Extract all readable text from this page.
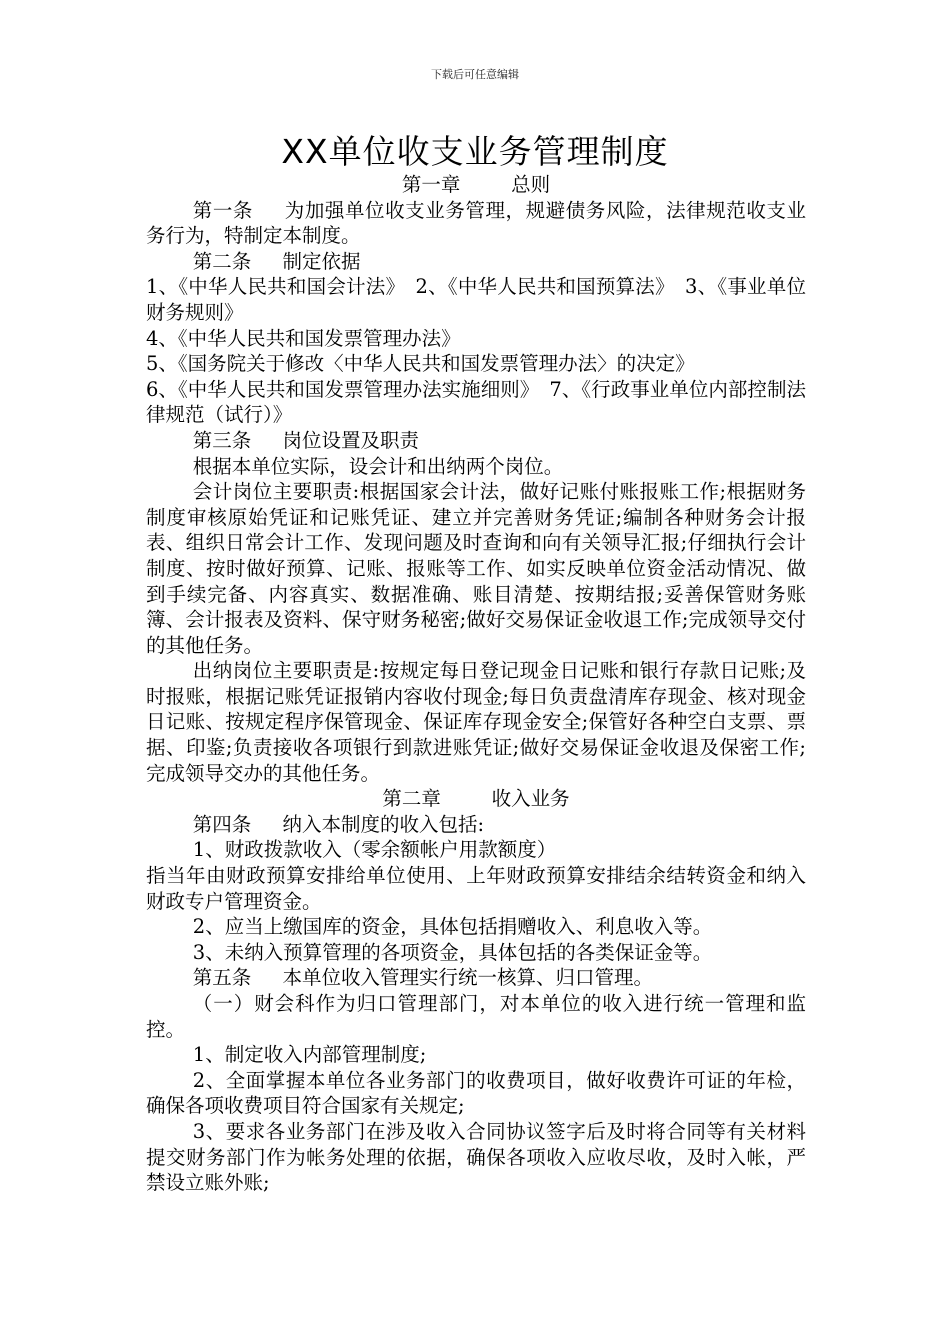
下载后可任意编辑
XX单位收支业务管理制度

第一章	总则

第一条 为加强单位收支业务管理，规避债务风险，法律规范收支业务行为，特制定本制度。

第二条 制定依据

1、《中华人民共和国会计法》 2、《中华人民共和国预算法》 3、《事业单位财务规则》

4、《中华人民共和国发票管理办法》

5、《国务院关于修改〈中华人民共和国发票管理办法〉的决定》

6、《中华人民共和国发票管理办法实施细则》 7、《行政事业单位内部控制法律规范（试行）》

第三条 岗位设置及职责

根据本单位实际，设会计和出纳两个岗位。

会计岗位主要职责:根据国家会计法，做好记账付账报账工作;根据财务制度审核原始凭证和记账凭证、建立并完善财务凭证;编制各种财务会计报表、组织日常会计工作、发现问题及时查询和向有关领导汇报;仔细执行会计制度、按时做好预算、记账、报账等工作、如实反映单位资金活动情况、做到手续完备、内容真实、数据准确、账目清楚、按期结报;妥善保管财务账簿、会计报表及资料、保守财务秘密;做好交易保证金收退工作;完成领导交付的其他任务。

出纳岗位主要职责是:按规定每日登记现金日记账和银行存款日记账;及时报账，根据记账凭证报销内容收付现金;每日负责盘清库存现金、核对现金日记账、按规定程序保管现金、保证库存现金安全;保管好各种空白支票、票据、印鉴;负责接收各项银行到款进账凭证;做好交易保证金收退及保密工作;完成领导交办的其他任务。

第二章	收入业务

第四条 纳入本制度的收入包括:

1、财政拨款收入（零余额帐户用款额度）

指当年由财政预算安排给单位使用、上年财政预算安排结余结转资金和纳入财政专户管理资金。

2、应当上缴国库的资金，具体包括捐赠收入、利息收入等。

3、未纳入预算管理的各项资金，具体包括的各类保证金等。

第五条 本单位收入管理实行统一核算、归口管理。

（一）财会科作为归口管理部门，对本单位的收入进行统一管理和监控。

1、制定收入内部管理制度;

2、全面掌握本单位各业务部门的收费项目，做好收费许可证的年检，确保各项收费项目符合国家有关规定;

3、要求各业务部门在涉及收入合同协议签字后及时将合同等有关材料提交财务部门作为帐务处理的依据，确保各项收入应收尽收，及时入帐，严禁设立账外账;
